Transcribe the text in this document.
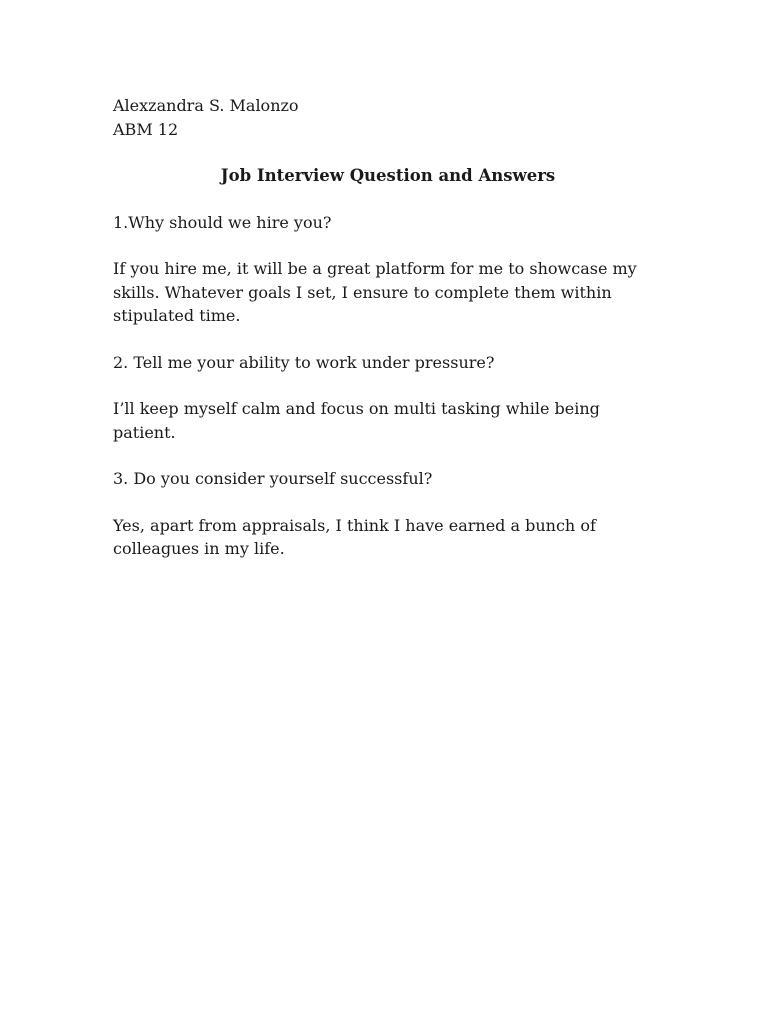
Alexzandra S. Malonzo

ABM 12

Job Interview Question and Answers

1.Why should we hire you?

If you hire me, it will be a great platform for me to showcase my skills. Whatever goals I set, I ensure to complete them within stipulated time.

2. Tell me your ability to work under pressure?

I’ll keep myself calm and focus on multi tasking while being patient.

3. Do you consider yourself successful?

Yes, apart from appraisals, I think I have earned a bunch of colleagues in my life.
